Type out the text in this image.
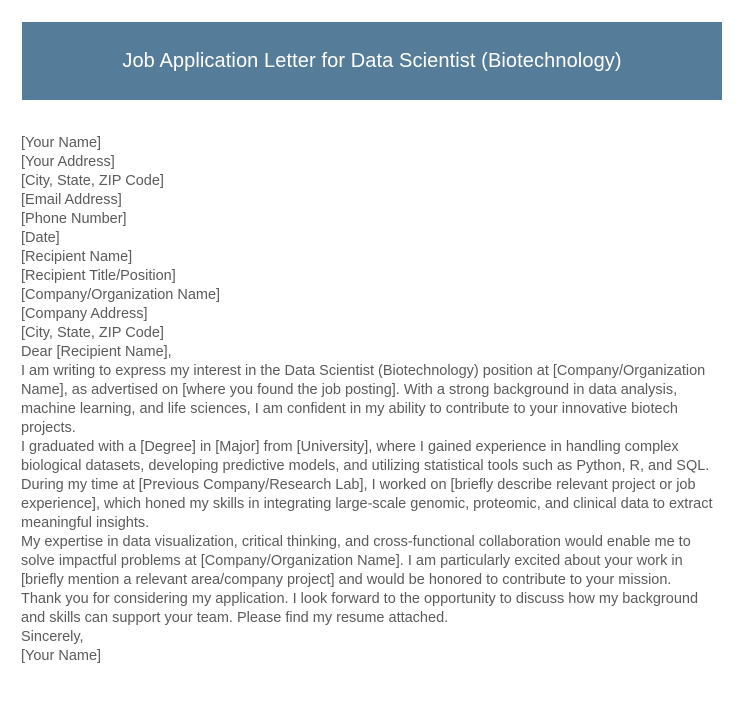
Job Application Letter for Data Scientist (Biotechnology)
[Your Name]
[Your Address]
[City, State, ZIP Code]
[Email Address]
[Phone Number]
[Date]
[Recipient Name]
[Recipient Title/Position]
[Company/Organization Name]
[Company Address]
[City, State, ZIP Code]
Dear [Recipient Name],

I am writing to express my interest in the Data Scientist (Biotechnology) position at [Company/Organization Name], as advertised on [where you found the job posting]. With a strong background in data analysis, machine learning, and life sciences, I am confident in my ability to contribute to your innovative biotech projects.

I graduated with a [Degree] in [Major] from [University], where I gained experience in handling complex biological datasets, developing predictive models, and utilizing statistical tools such as Python, R, and SQL. During my time at [Previous Company/Research Lab], I worked on [briefly describe relevant project or job experience], which honed my skills in integrating large-scale genomic, proteomic, and clinical data to extract meaningful insights.

My expertise in data visualization, critical thinking, and cross-functional collaboration would enable me to solve impactful problems at [Company/Organization Name]. I am particularly excited about your work in [briefly mention a relevant area/company project] and would be honored to contribute to your mission.

Thank you for considering my application. I look forward to the opportunity to discuss how my background and skills can support your team. Please find my resume attached.

Sincerely,
[Your Name]
